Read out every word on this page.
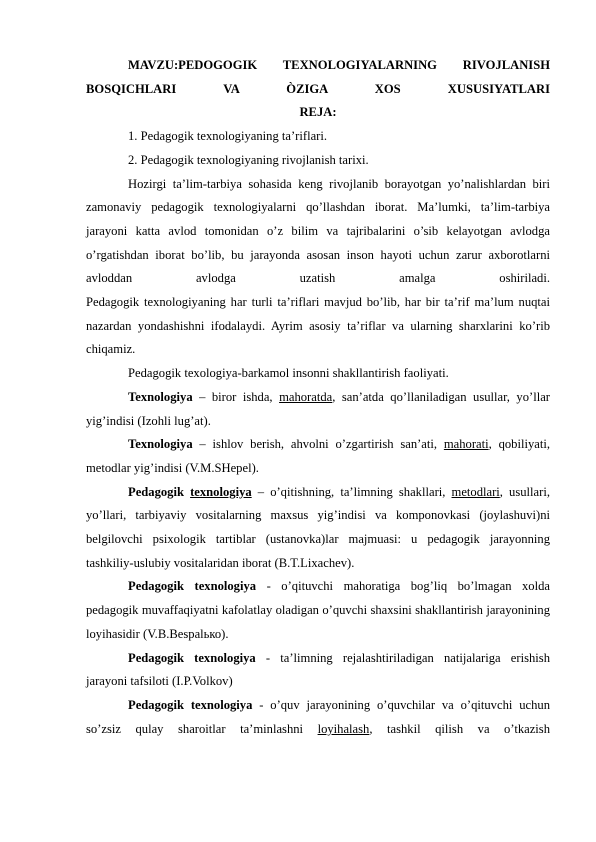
MAVZU:PEDOGOGIK TEXNOLOGIYALARNING RIVOJLANISH

BOSQICHLARI VA ÒZIGA XOS XUSUSIYATLARI

REJA:

1. Pedagogik texnologiyaning ta’riflari.

2. Pedagogik texnologiyaning rivojlanish tarixi.

Hozirgi ta’lim-tarbiya sohasida keng rivojlanib borayotgan yo’nalishlardan biri zamonaviy pedagogik texnologiyalarni qo’llashdan iborat. Ma’lumki, ta’lim-tarbiya jarayoni katta avlod tomonidan o’z bilim va tajribalarini o’sib kelayotgan avlodga o’rgatishdan iborat bo’lib, bu jarayonda asosan inson hayoti uchun zarur axborotlarni avloddan avlodga uzatish amalga oshiriladi.

Pedagogik texnologiyaning har turli ta’riflari mavjud bo’lib, har bir ta’rif ma’lum nuqtai nazardan yondashishni ifodalaydi. Ayrim asosiy ta’riflar va ularning sharxlarini ko’rib chiqamiz.

Pedagogik texologiya-barkamol insonni shakllantirish faoliyati.

Texnologiya – biror ishda, mahoratda, san’atda qo’llaniladigan usullar, yo’llar yig’indisi (Izohli lug’at).

Texnologiya – ishlov berish, ahvolni o’zgartirish san’ati, mahorati, qobiliyati, metodlar yig’indisi (V.M.SHepel).

Pedagogik texnologiya – o’qitishning, ta’limning shakllari, metodlari, usullari, yo’llari, tarbiyaviy vositalarning maxsus yig’indisi va komponovkasi (joylashuvi)ni belgilovchi psixologik tartiblar (ustanovka)lar majmuasi: u pedagogik jarayonning tashkiliy-uslubiy vositalaridan iborat (B.T.Lixachev).

Pedagogik texnologiya - o’qituvchi mahoratiga bog’liq bo’lmagan xolda pedagogik muvaffaqiyatni kafolatlay oladigan o’quvchi shaxsini shakllantirish jarayonining loyihasidir (V.B.Bespalько).

Pedagogik texnologiya - ta’limning rejalashtiriladigan natijalariga erishish jarayoni tafsiloti (I.P.Volkov)

Pedagogik texnologiya - o’quv jarayonining o’quvchilar va o’qituvchi uchun so’zsiz qulay sharoitlar ta’minlashni loyihalash, tashkil qilish va o’tkazish
